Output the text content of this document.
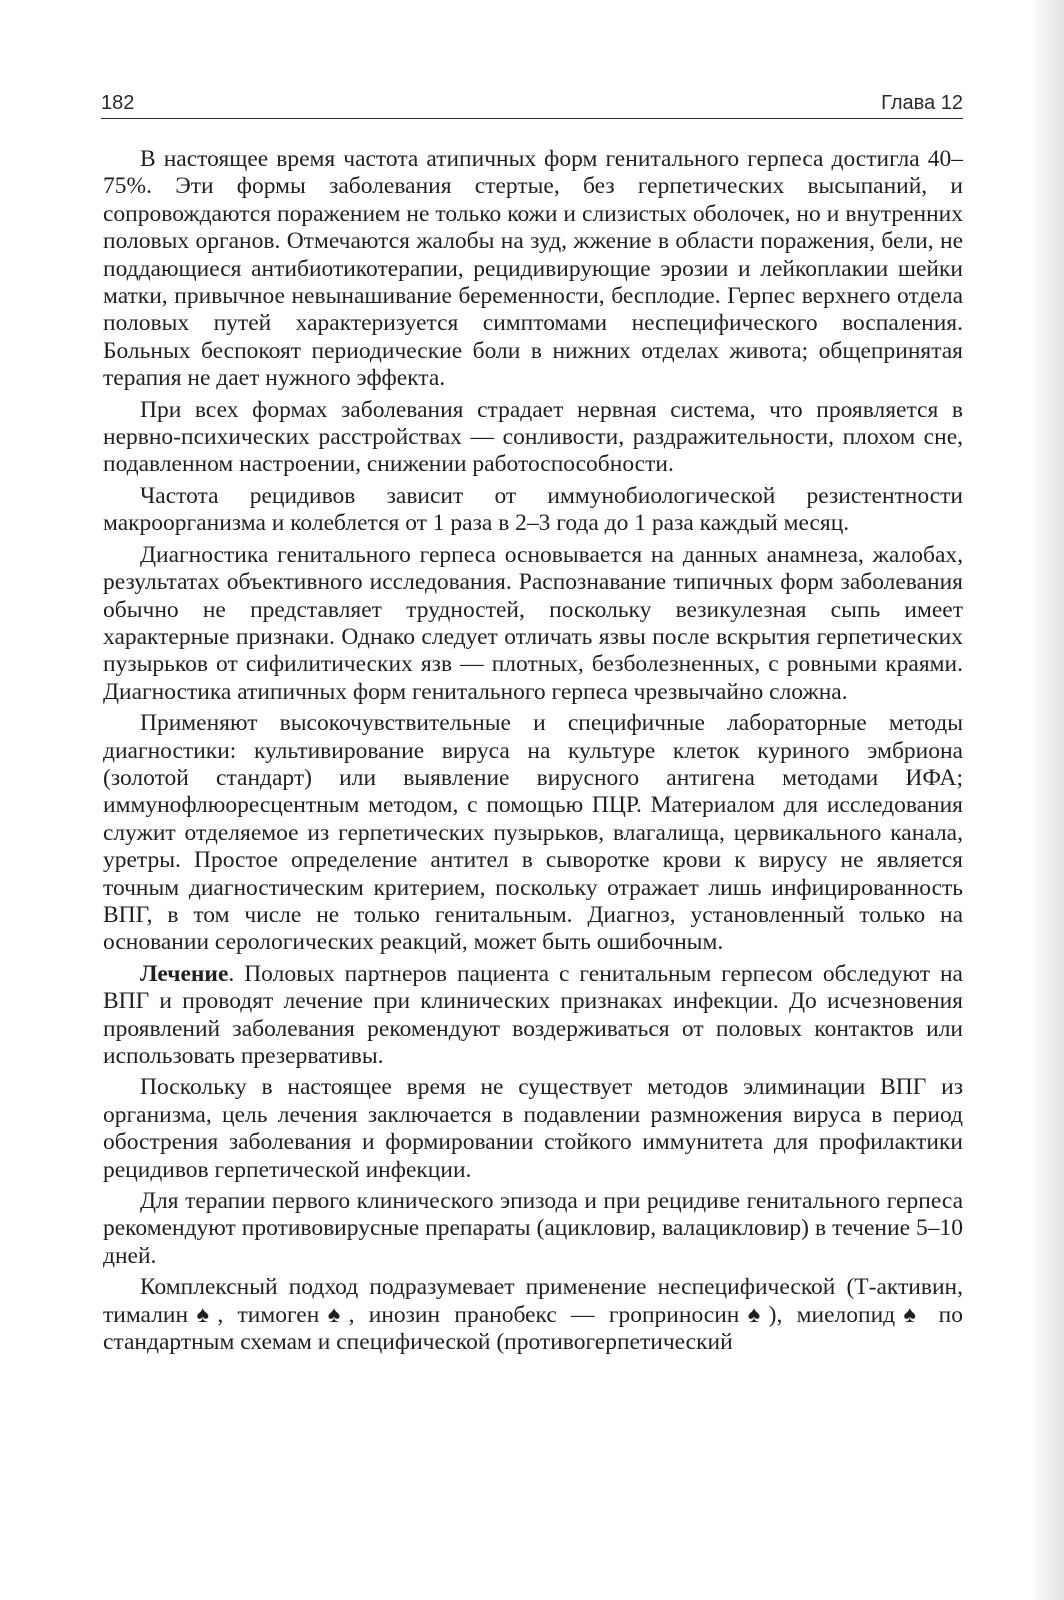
182	Глава 12

В настоящее время частота атипичных форм генитального герпеса достигла 40–75%. Эти формы заболевания стертые, без герпетических высыпаний, и сопровождаются поражением не только кожи и слизистых оболочек, но и внутренних половых органов. Отмечаются жалобы на зуд, жжение в области поражения, бели, не поддающиеся антибиотикотерапии, рецидивирующие эрозии и лейкоплакии шейки матки, привычное невынашивание беременности, бесплодие. Герпес верхнего отдела половых путей характеризуется симптомами неспецифического воспаления. Больных беспокоят периодические боли в нижних отделах живота; общепринятая терапия не дает нужного эффекта.

При всех формах заболевания страдает нервная система, что проявляется в нервно-психических расстройствах — сонливости, раздражительности, плохом сне, подавленном настроении, снижении работоспособности.

Частота рецидивов зависит от иммунобиологической резистентности макроорганизма и колеблется от 1 раза в 2–3 года до 1 раза каждый месяц.

Диагностика генитального герпеса основывается на данных анамнеза, жалобах, результатах объективного исследования. Распознавание типичных форм заболевания обычно не представляет трудностей, поскольку везикулезная сыпь имеет характерные признаки. Однако следует отличать язвы после вскрытия герпетических пузырьков от сифилитических язв — плотных, безболезненных, с ровными краями. Диагностика атипичных форм генитального герпеса чрезвычайно сложна.

Применяют высокочувствительные и специфичные лабораторные методы диагностики: культивирование вируса на культуре клеток куриного эмбриона (золотой стандарт) или выявление вирусного антигена методами ИФА; иммунофлюоресцентным методом, с помощью ПЦР. Материалом для исследования служит отделяемое из герпетических пузырьков, влагалища, цервикального канала, уретры. Простое определение антител в сыворотке крови к вирусу не является точным диагностическим критерием, поскольку отражает лишь инфицированность ВПГ, в том числе не только генитальным. Диагноз, установленный только на основании серологических реакций, может быть ошибочным.

Лечение. Половых партнеров пациента с генитальным герпесом обследуют на ВПГ и проводят лечение при клинических признаках инфекции. До исчезновения проявлений заболевания рекомендуют воздерживаться от половых контактов или использовать презервативы.

Поскольку в настоящее время не существует методов элиминации ВПГ из организма, цель лечения заключается в подавлении размножения вируса в период обострения заболевания и формировании стойкого иммунитета для профилактики рецидивов герпетической инфекции.

Для терапии первого клинического эпизода и при рецидиве генитального герпеса рекомендуют противовирусные препараты (ацикловир, валацикловир) в течение 5–10 дней.

Комплексный подход подразумевает применение неспецифической (Т-активин, тималин♠, тимоген♠, инозин пранобекс — гроприносин♠), миелопид♠ по стандартным схемам и специфической (противогерпетический
